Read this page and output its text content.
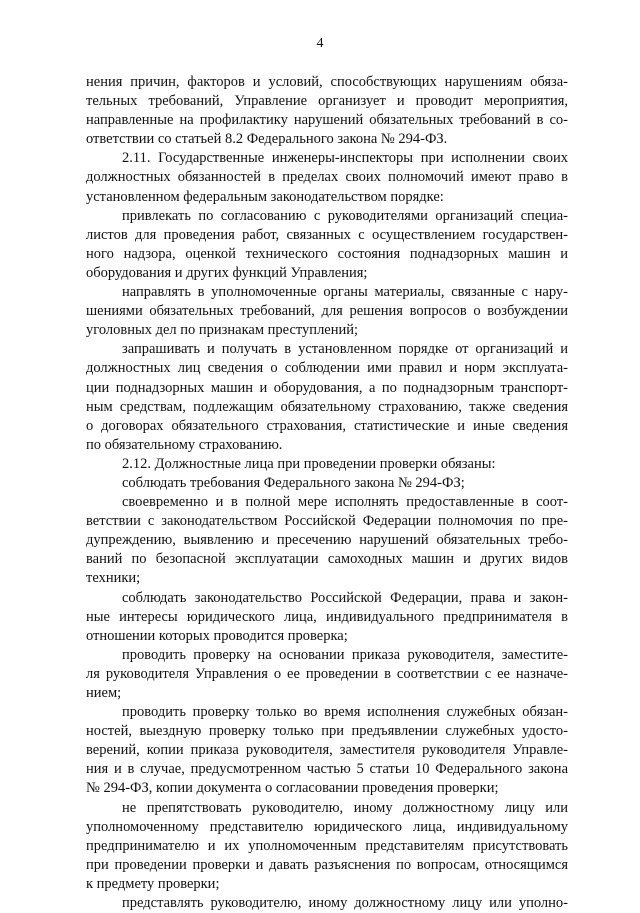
4
нения причин, факторов и условий, способствующих нарушениям обяза-
тельных требований, Управление организует и проводит мероприятия,
направленные на профилактику нарушений обязательных требований в со-
ответствии со статьей 8.2 Федерального закона № 294-ФЗ.
2.11. Государственные инженеры-инспекторы при исполнении своих
должностных обязанностей в пределах своих полномочий имеют право в
установленном федеральным законодательством порядке:
привлекать по согласованию с руководителями организаций специа-
листов для проведения работ, связанных с осуществлением государствен-
ного надзора, оценкой технического состояния поднадзорных машин и
оборудования и других функций Управления;
направлять в уполномоченные органы материалы, связанные с нару-
шениями обязательных требований, для решения вопросов о возбуждении
уголовных дел по признакам преступлений;
запрашивать и получать в установленном порядке от организаций и
должностных лиц сведения о соблюдении ими правил и норм эксплуата-
ции поднадзорных машин и оборудования, а по поднадзорным транспорт-
ным средствам, подлежащим обязательному страхованию, также сведения
о договорах обязательного страхования, статистические и иные сведения
по обязательному страхованию.
2.12. Должностные лица при проведении проверки обязаны:
соблюдать требования Федерального закона № 294-ФЗ;
своевременно и в полной мере исполнять предоставленные в соот-
ветствии с законодательством Российской Федерации полномочия по пре-
дупреждению, выявлению и пресечению нарушений обязательных требо-
ваний по безопасной эксплуатации самоходных машин и других видов
техники;
соблюдать законодательство Российской Федерации, права и закон-
ные интересы юридического лица, индивидуального предпринимателя в
отношении которых проводится проверка;
проводить проверку на основании приказа руководителя, заместите-
ля руководителя Управления о ее проведении в соответствии с ее назначе-
нием;
проводить проверку только во время исполнения служебных обязан-
ностей, выездную проверку только при предъявлении служебных удосто-
верений, копии приказа руководителя, заместителя руководителя Управле-
ния и в случае, предусмотренном частью 5 статьи 10 Федерального закона
№ 294-ФЗ, копии документа о согласовании проведения проверки;
не препятствовать руководителю, иному должностному лицу или
уполномоченному представителю юридического лица, индивидуальному
предпринимателю и их уполномоченным представителям присутствовать
при проведении проверки и давать разъяснения по вопросам, относящимся
к предмету проверки;
представлять руководителю, иному должностному лицу или уполно-
